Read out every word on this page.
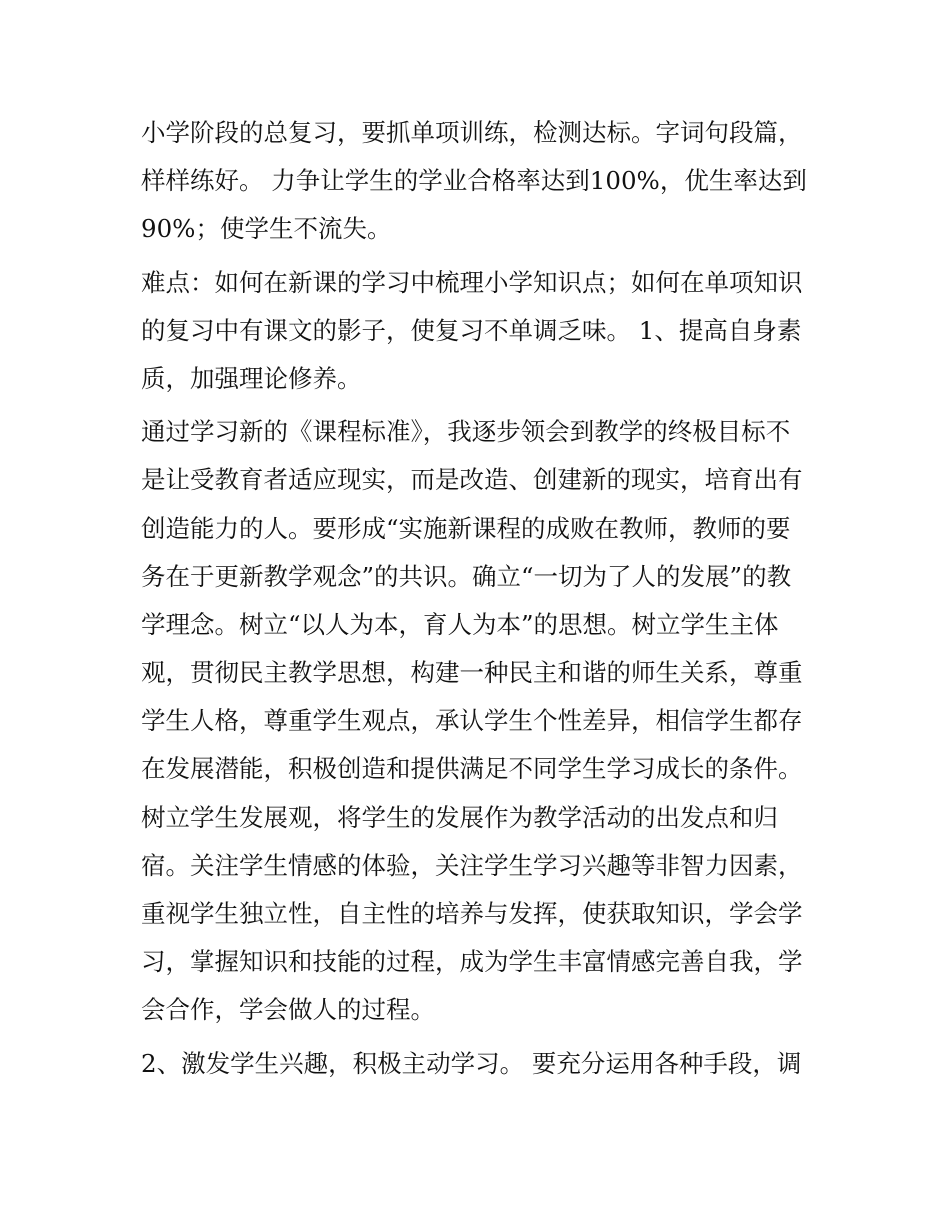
小学阶段的总复习，要抓单项训练，检测达标。字词句段篇，
样样练好。 力争让学生的学业合格率达到100%，优生率达到
90%；使学生不流失。

难点：如何在新课的学习中梳理小学知识点；如何在单项知识
的复习中有课文的影子，使复习不单调乏味。 1、提高自身素
质，加强理论修养。

通过学习新的《课程标准》，我逐步领会到教学的终极目标不
是让受教育者适应现实，而是改造、创建新的现实，培育出有
创造能力的人。要形成“实施新课程的成败在教师，教师的要
务在于更新教学观念”的共识。确立“一切为了人的发展”的教
学理念。树立“以人为本，育人为本”的思想。树立学生主体
观，贯彻民主教学思想，构建一种民主和谐的师生关系，尊重
学生人格，尊重学生观点，承认学生个性差异，相信学生都存
在发展潜能，积极创造和提供满足不同学生学习成长的条件。
树立学生发展观，将学生的发展作为教学活动的出发点和归
宿。关注学生情感的体验，关注学生学习兴趣等非智力因素，
重视学生独立性，自主性的培养与发挥，使获取知识，学会学
习，掌握知识和技能的过程，成为学生丰富情感完善自我，学
会合作，学会做人的过程。

2、激发学生兴趣，积极主动学习。 要充分运用各种手段，调
